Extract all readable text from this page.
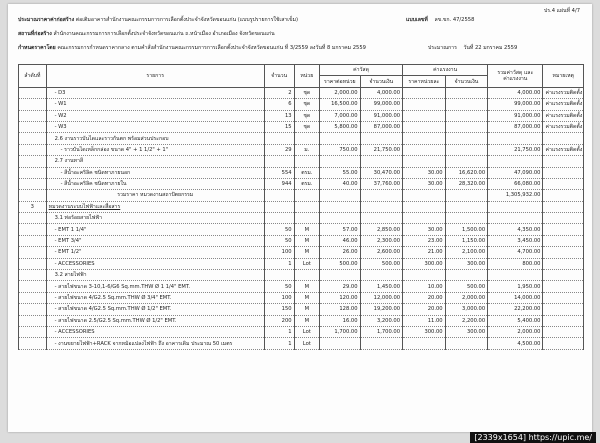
ปร.4 แผ่นที่ 4/7
ประมาณราคาค่าก่อสร้าง ต่อเติมอาคารสำนักงานคณะกรรมการการเลือกตั้งประจำจังหวัดขอนแก่น (แบบรูปรายการใช้เสาเข็ม)	แบบเลขที่ ลข.ขก. 47/2558
สถานที่ก่อสร้าง สำนักงานคณะกรรมการการเลือกตั้งประจำจังหวัดขอนแก่น ถ.หน้าเมือง อำเภอเมือง จังหวัดขอนแก่น
กำหนดราคาโดย คณะกรรมการกำหนดราคากลาง ตามคำสั่งสำนักงานคณะกรรมการการเลือกตั้งประจำจังหวัดขอนแก่น ที่ 3/2559 ลงวันที่ 8 มกราคม 2559	ประมาณการ วันที่ 22 มกราคม 2559
ลำดับที่	รายการ	จำนวน	หน่วย	ค่าวัสดุ		ค่าแรงงาน		รวมค่าวัสดุ และค่าแรงงาน	หมายเหตุ
				ราคาต่อหน่วย	จำนวนเงิน	ราคาหน่วยละ	จำนวนเงิน		
	- D3	2	ชุด	2,000.00	4,000.00			4,000.00	ค่าแรงรวมติดตั้ง
	- W1	6	ชุด	16,500.00	99,000.00			99,000.00	ค่าแรงรวมติดตั้ง
	- W2	13	ชุด	7,000.00	91,000.00			91,000.00	ค่าแรงรวมติดตั้ง
	- W3	15	ชุด	5,800.00	87,000.00			87,000.00	ค่าแรงรวมติดตั้ง
	2.6 งานราวบันไดและราวกันตก พร้อมส่วนประกอบ								
	- ราวบันไดเหล็กกล่อง ขนาด 4" + 1 1/2" + 1"	29	ม.	750.00	21,750.00			21,750.00	ค่าแรงรวมติดตั้ง
	2.7 งานทาสี								
	- สีน้ำอะคริลิค ชนิดทาภายนอก	554	ตรม.	55.00	30,470.00	30.00	16,620.00	47,090.00	
	- สีน้ำอะคริลิค ชนิดทาภายใน	944	ตรม.	40.00	37,760.00	30.00	28,320.00	66,080.00	
	รวมราคา หมวดงานสถาปัตยกรรม							1,305,932.00	
3	หมวดงานระบบไฟฟ้าและสื่อสาร								
	3.1 ท่อร้อยสายไฟฟ้า								
	- EMT 1 1/4"	50	M	57.00	2,850.00	30.00	1,500.00	4,350.00	
	- EMT 3/4"	50	M	46.00	2,300.00	23.00	1,150.00	3,450.00	
	- EMT 1/2"	100	M	26.00	2,600.00	21.00	2,100.00	4,700.00	
	- ACCESSORIES	1	Lot	500.00	500.00	300.00	300.00	800.00	
	3.2 สายไฟฟ้า								
	- สายไฟขนาด 3-10,1-6/G6 Sq.mm.THW Ø 1 1/4" EMT.	50	M	29.00	1,450.00	10.00	500.00	1,950.00	
	- สายไฟขนาด 4/G2.5 Sq.mm.THW Ø 3/4" EMT.	100	M	120.00	12,000.00	20.00	2,000.00	14,000.00	
	- สายไฟขนาด 4/G2.5 Sq.mm.THW Ø 1/2" EMT.	150	M	128.00	19,200.00	20.00	3,000.00	22,200.00	
	- สายไฟขนาด 2.5/G2.5 Sq.mm.THW Ø 1/2" EMT.	200	M	16.00	3,200.00	11.00	2,200.00	5,400.00	
	- ACCESSORIES	1	Lot	1,700.00	1,700.00	300.00	300.00	2,000.00	
	- งานขยายไฟฟ้า+RACK จากหม้อแปลงไฟฟ้า ถึง อาคารเดิม ประมาณ 50 เมตร	1	Lot					4,500.00	
[2339x1654] https://upic.me/
